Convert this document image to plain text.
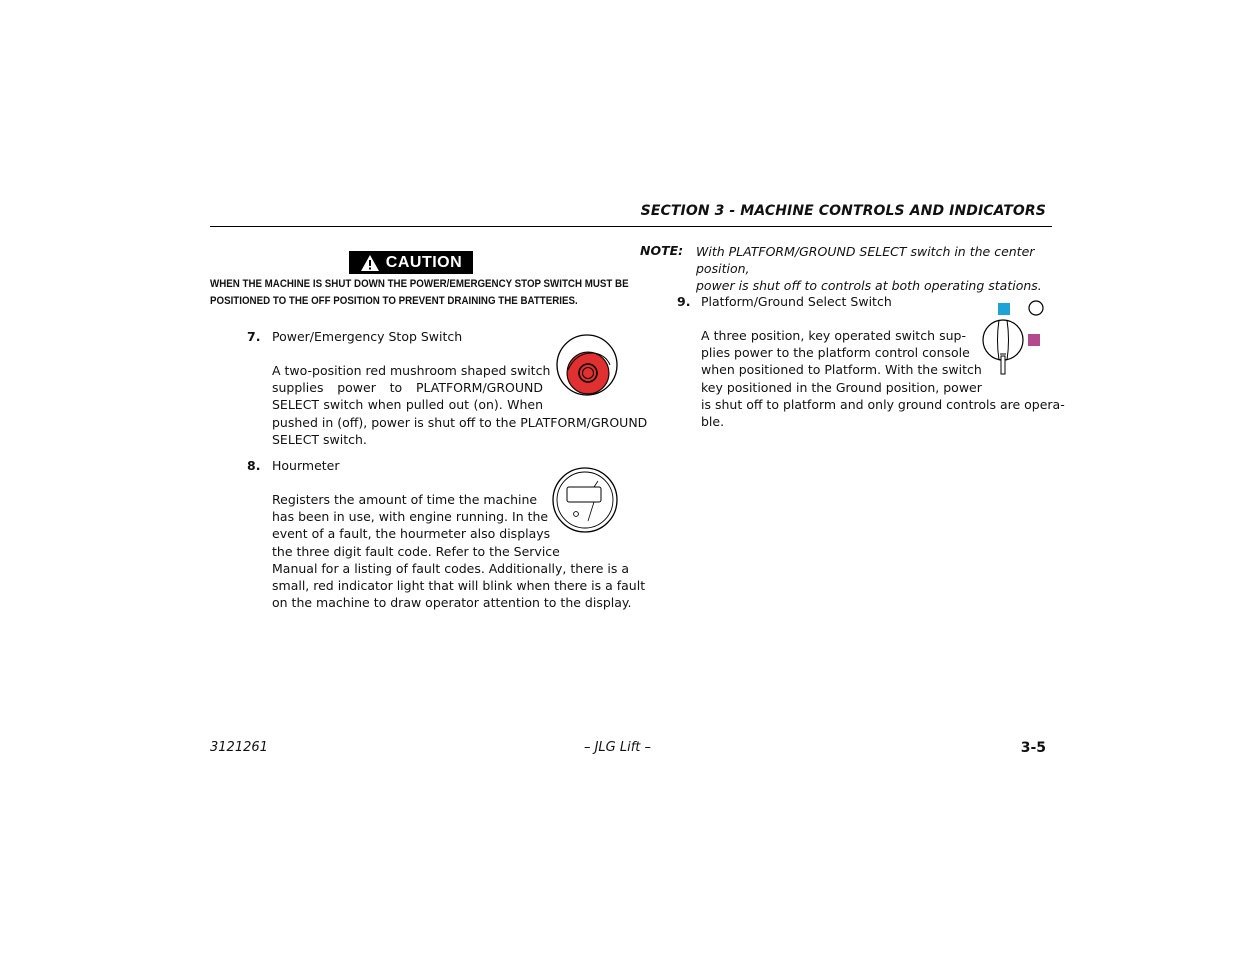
SECTION 3 - MACHINE CONTROLS AND INDICATORS
CAUTION
WHEN THE MACHINE IS SHUT DOWN THE POWER/EMERGENCY STOP SWITCH MUST BE
POSITIONED TO THE OFF POSITION TO PREVENT DRAINING THE BATTERIES.
7. Power/Emergency Stop Switch
A two-position red mushroom shaped switch
supplies power to PLATFORM/GROUND
SELECT switch when pulled out (on). When
pushed in (off), power is shut off to the PLATFORM/GROUND
SELECT switch.
8. Hourmeter
Registers the amount of time the machine
has been in use, with engine running. In the
event of a fault, the hourmeter also displays
the three digit fault code. Refer to the Service
Manual for a listing of fault codes. Additionally, there is a
small, red indicator light that will blink when there is a fault
on the machine to draw operator attention to the display.
NOTE: With PLATFORM/GROUND SELECT switch in the center position,
power is shut off to controls at both operating stations.
9. Platform/Ground Select Switch
A three position, key operated switch sup-
plies power to the platform control console
when positioned to Platform. With the switch
key positioned in the Ground position, power
is shut off to platform and only ground controls are opera-
ble.
3121261	– JLG Lift –	3-5
